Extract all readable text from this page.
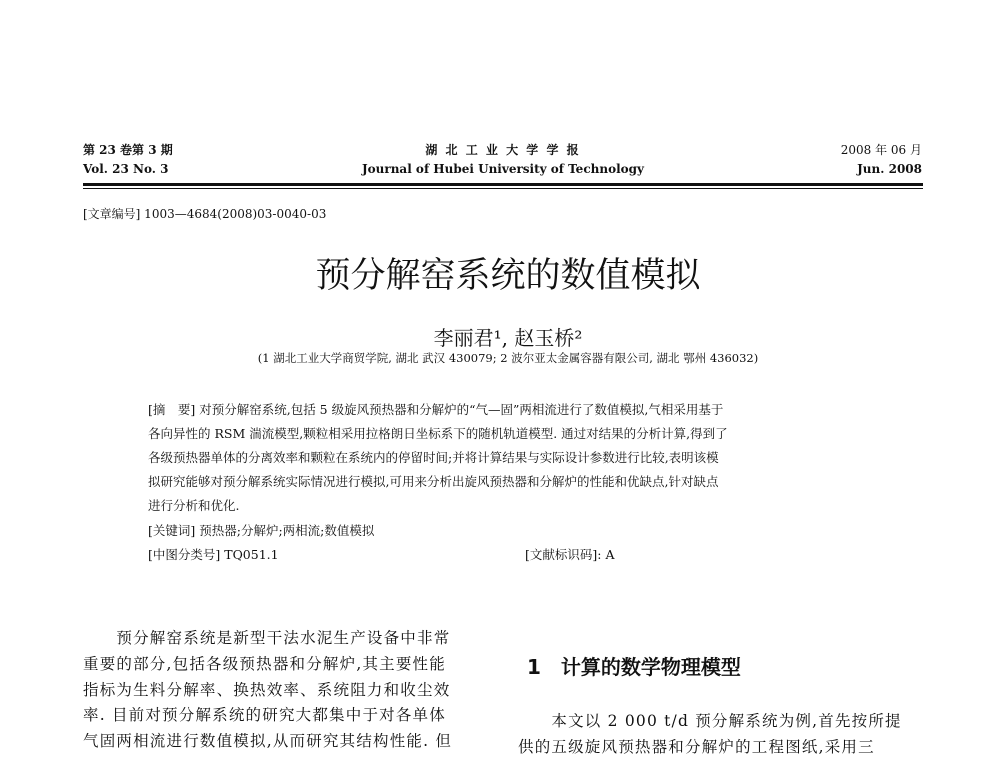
第 23 卷第 3 期
Vol. 23 No. 3
湖 北 工 业 大 学 学 报
Journal of Hubei University of Technology
2008 年 06 月
Jun. 2008
[文章编号] 1003—4684(2008)03-0040-03
预分解窑系统的数值模拟
李丽君¹, 赵玉桥²
(1 湖北工业大学商贸学院, 湖北 武汉 430079; 2 波尔亚太金属容器有限公司, 湖北 鄂州 436032)
[摘　要] 对预分解窑系统,包括 5 级旋风预热器和分解炉的“气—固”两相流进行了数值模拟,气相采用基于
各向异性的 RSM 湍流模型,颗粒相采用拉格朗日坐标系下的随机轨道模型. 通过对结果的分析计算,得到了
各级预热器单体的分离效率和颗粒在系统内的停留时间;并将计算结果与实际设计参数进行比较,表明该模
拟研究能够对预分解系统实际情况进行模拟,可用来分析出旋风预热器和分解炉的性能和优缺点,针对缺点
进行分析和优化.
[关键词] 预热器;分解炉;两相流;数值模拟
[中图分类号] TQ051.1	[文献标识码]: A
　　预分解窑系统是新型干法水泥生产设备中非常
重要的部分,包括各级预热器和分解炉,其主要性能
指标为生料分解率、换热效率、系统阻力和收尘效
率. 目前对预分解系统的研究大都集中于对各单体
气固两相流进行数值模拟,从而研究其结构性能. 但
1　计算的数学物理模型
　　本文以 2 000 t/d 预分解系统为例,首先按所提
供的五级旋风预热器和分解炉的工程图纸,采用三
